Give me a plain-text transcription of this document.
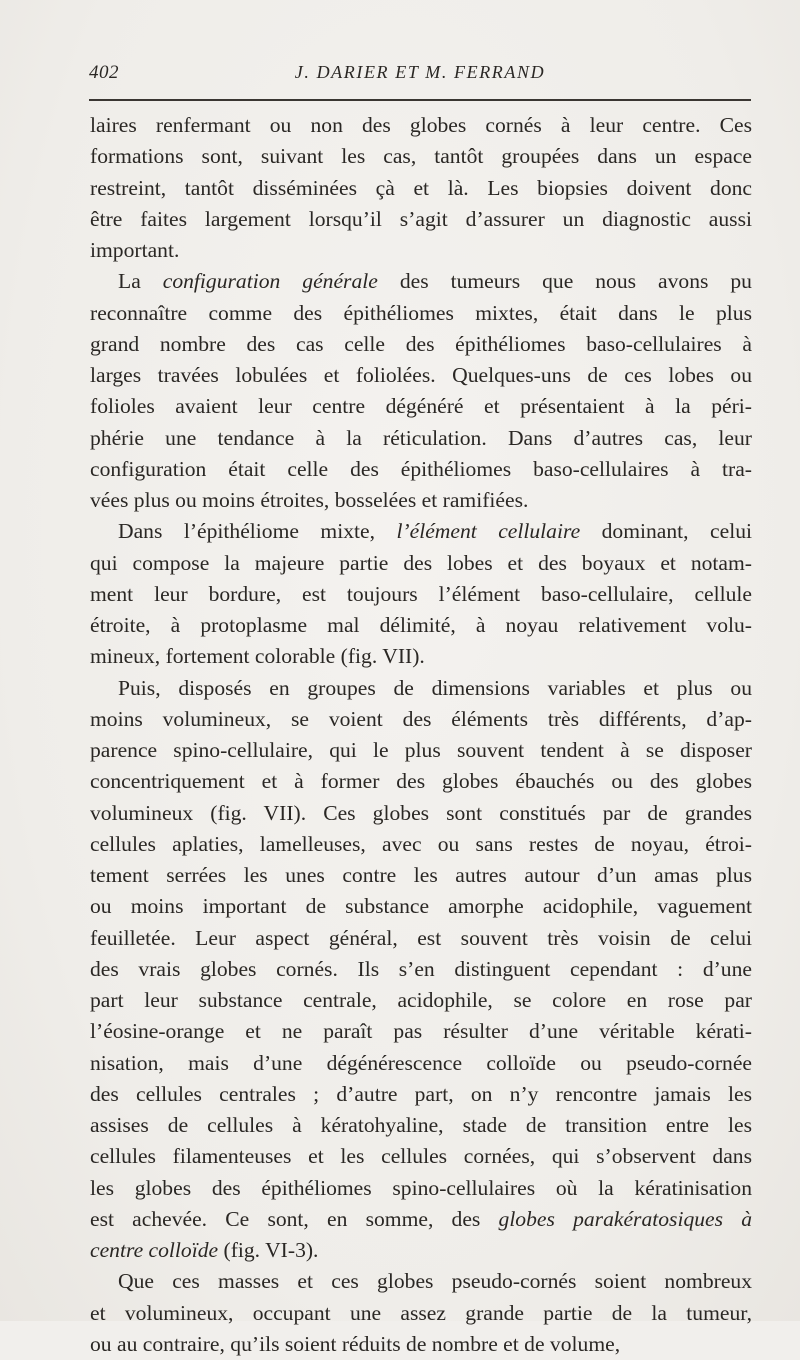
402	J. DARIER ET M. FERRAND
laires renfermant ou non des globes cornés à leur centre. Ces
formations sont, suivant les cas, tantôt groupées dans un espace
restreint, tantôt disséminées çà et là. Les biopsies doivent donc
être faites largement lorsqu’il s’agit d’assurer un diagnostic aussi
important.
La configuration générale des tumeurs que nous avons pu
reconnaître comme des épithéliomes mixtes, était dans le plus
grand nombre des cas celle des épithéliomes baso-cellulaires à
larges travées lobulées et foliolées. Quelques-uns de ces lobes ou
folioles avaient leur centre dégénéré et présentaient à la péri-
phérie une tendance à la réticulation. Dans d’autres cas, leur
configuration était celle des épithéliomes baso-cellulaires à tra-
vées plus ou moins étroites, bosselées et ramifiées.
Dans l’épithéliome mixte, l’élément cellulaire dominant, celui
qui compose la majeure partie des lobes et des boyaux et notam-
ment leur bordure, est toujours l’élément baso-cellulaire, cellule
étroite, à protoplasme mal délimité, à noyau relativement volu-
mineux, fortement colorable (fig. VII).
Puis, disposés en groupes de dimensions variables et plus ou
moins volumineux, se voient des éléments très différents, d’ap-
parence spino-cellulaire, qui le plus souvent tendent à se disposer
concentriquement et à former des globes ébauchés ou des globes
volumineux (fig. VII). Ces globes sont constitués par de grandes
cellules aplaties, lamelleuses, avec ou sans restes de noyau, étroi-
tement serrées les unes contre les autres autour d’un amas plus
ou moins important de substance amorphe acidophile, vaguement
feuilletée. Leur aspect général, est souvent très voisin de celui
des vrais globes cornés. Ils s’en distinguent cependant : d’une
part leur substance centrale, acidophile, se colore en rose par
l’éosine-orange et ne paraît pas résulter d’une véritable kérati-
nisation, mais d’une dégénérescence colloïde ou pseudo-cornée
des cellules centrales ; d’autre part, on n’y rencontre jamais les
assises de cellules à kératohyaline, stade de transition entre les
cellules filamenteuses et les cellules cornées, qui s’observent dans
les globes des épithéliomes spino-cellulaires où la kératinisation
est achevée. Ce sont, en somme, des globes parakératosiques à
centre colloïde (fig. VI-3).
Que ces masses et ces globes pseudo-cornés soient nombreux
et volumineux, occupant une assez grande partie de la tumeur,
ou au contraire, qu’ils soient réduits de nombre et de volume,
